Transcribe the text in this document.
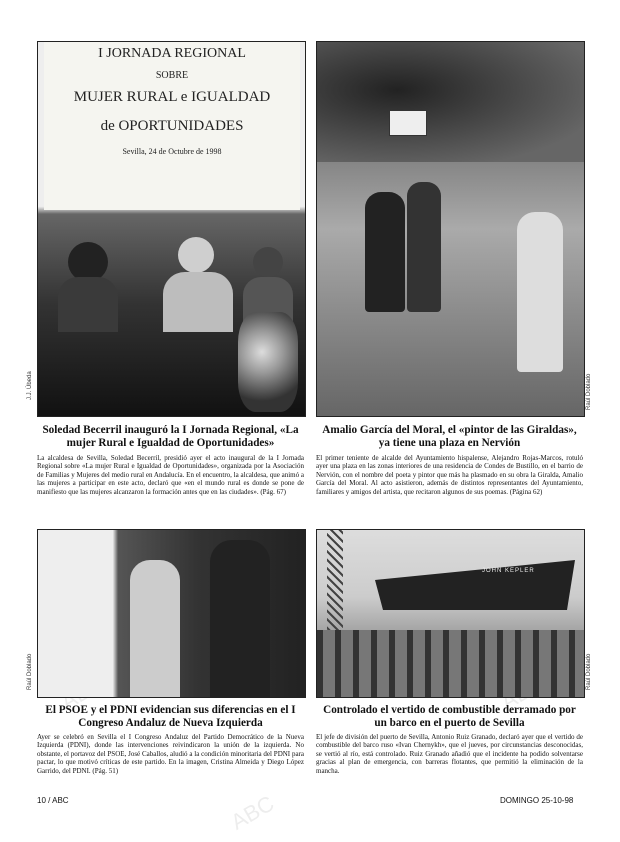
ABC
I JORNADA REGIONAL
SOBRE
MUJER RURAL e IGUALDAD
de OPORTUNIDADES
Sevilla, 24 de Octubre de 1998
J.J. Úbeda	Raúl Doblado
Soledad Becerril inauguró la I Jornada Regional, «La mujer Rural e Igualdad de Oportunidades»
La alcaldesa de Sevilla, Soledad Becerril, presidió ayer el acto inaugural de la I Jornada Regional sobre «La mujer Rural e Igualdad de Oportunidades», organizada por la Asociación de Familias y Mujeres del medio rural en Andalucía. En el encuentro, la alcaldesa, que animó a las mujeres a participar en este acto, declaró que «en el mundo rural es donde se pone de manifiesto que las mujeres alcanzaron la formación antes que en las ciudades». (Pág. 67)
Amalio García del Moral, el «pintor de las Giraldas», ya tiene una plaza en Nervión
El primer teniente de alcalde del Ayuntamiento hispalense, Alejandro Rojas-Marcos, rotuló ayer una plaza en las zonas interiores de una residencia de Condes de Bustillo, en el barrio de Nervión, con el nombre del poeta y pintor que más ha plasmado en su obra la Giralda, Amalio García del Moral. Al acto asistieron, además de distintos representantes del Ayuntamiento, familiares y amigos del artista, que recitaron algunos de sus poemas. (Página 62)
Raúl Doblado
JOHN KEPLER
Raúl Doblado
El PSOE y el PDNI evidencian sus diferencias en el I Congreso Andaluz de Nueva Izquierda
Ayer se celebró en Sevilla el I Congreso Andaluz del Partido Democrático de la Nueva Izquierda (PDNI), donde las intervenciones reivindicaron la unión de la izquierda. No obstante, el portavoz del PSOE, José Caballos, aludió a la condición minoritaria del PDNI para pactar, lo que motivó críticas de este partido. En la imagen, Cristina Almeida y Diego López Garrido, del PDNI. (Pág. 51)
Controlado el vertido de combustible derramado por un barco en el puerto de Sevilla
El jefe de división del puerto de Sevilla, Antonio Ruiz Granado, declaró ayer que el vertido de combustible del barco ruso «Ivan Chernykh», que el jueves, por circunstancias desconocidas, se vertió al río, está controlado. Ruiz Granado añadió que el incidente ha podido solventarse gracias al plan de emergencia, con barreras flotantes, que permitió la eliminación de la mancha.
10 / ABC	DOMINGO 25-10-98
